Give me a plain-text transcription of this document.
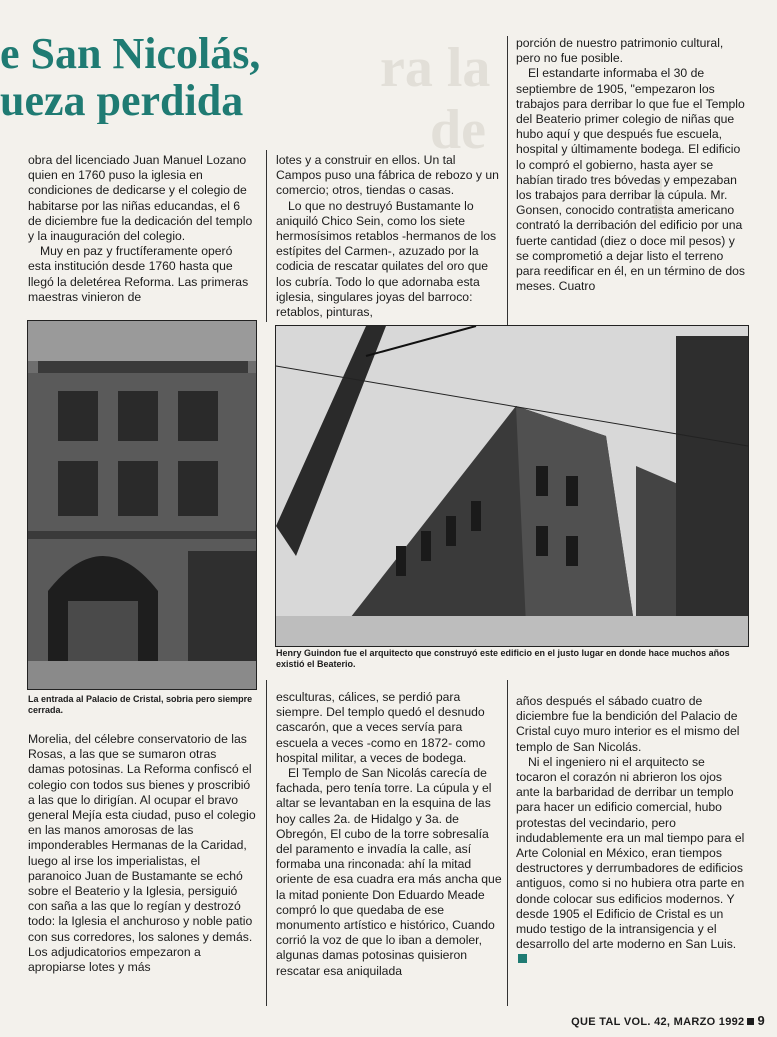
ra la
de
l
e San Nicolás,
ueza perdida

obra del licenciado Juan Manuel Lozano quien en 1760 puso la iglesia en condiciones de dedicarse y el colegio de habitarse por las niñas educandas, el 6 de diciembre fue la dedicación del templo y la inauguración del colegio.

Muy en paz y fructíferamente operó esta institución desde 1760 hasta que llegó la deletérea Reforma. Las primeras maestras vinieron de

lotes y a construir en ellos. Un tal Campos puso una fábrica de rebozo y un comercio; otros, tiendas o casas.

Lo que no destruyó Bustamante lo aniquiló Chico Sein, como los siete hermosísimos retablos -hermanos de los estípites del Carmen-, azuzado por la codicia de rescatar quilates del oro que los cubría. Todo lo que adornaba esta iglesia, singulares joyas del barroco: retablos, pinturas,

porción de nuestro patrimonio cultural, pero no fue posible.

El estandarte informaba el 30 de septiembre de 1905, "empezaron los trabajos para derribar lo que fue el Templo del Beaterio primer colegio de niñas que hubo aquí y que después fue escuela, hospital y últimamente bodega. El edificio lo compró el gobierno, hasta ayer se habían tirado tres bóvedas y empezaban los trabajos para derribar la cúpula. Mr. Gonsen, conocido contratista americano contrató la derribación del edificio por una fuerte cantidad (diez o doce mil pesos) y se comprometió a dejar listo el terreno para reedificar en él, en un término de dos meses. Cuatro

La entrada al Palacio de Cristal, sobria pero siempre cerrada.
Henry Guindon fue el arquitecto que construyó este edificio en el justo lugar en donde hace muchos años existió el Beaterio.

Morelia, del célebre conservatorio de las Rosas, a las que se sumaron otras damas potosinas. La Reforma confiscó el colegio con todos sus bienes y proscribió a las que lo dirigían. Al ocupar el bravo general Mejía esta ciudad, puso el colegio en las manos amorosas de las imponderables Hermanas de la Caridad, luego al irse los imperialistas, el paranoico Juan de Bustamante se echó sobre el Beaterio y la Iglesia, persiguió con saña a las que lo regían y destrozó todo: la Iglesia el anchuroso y noble patio con sus corredores, los salones y demás. Los adjudicatorios empezaron a apropiarse lotes y más

esculturas, cálices, se perdió para siempre. Del templo quedó el desnudo cascarón, que a veces servía para escuela a veces -como en 1872- como hospital militar, a veces de bodega.

El Templo de San Nicolás carecía de fachada, pero tenía torre. La cúpula y el altar se levantaban en la esquina de las hoy calles 2a. de Hidalgo y 3a. de Obregón, El cubo de la torre sobresalía del paramento e invadía la calle, así formaba una rinconada: ahí la mitad oriente de esa cuadra era más ancha que la mitad poniente Don Eduardo Meade compró lo que quedaba de ese monumento artístico e histórico, Cuando corrió la voz de que lo iban a demoler, algunas damas potosinas quisieron rescatar esa aniquilada

años después el sábado cuatro de diciembre fue la bendición del Palacio de Cristal cuyo muro interior es el mismo del templo de San Nicolás.

Ni el ingeniero ni el arquitecto se tocaron el corazón ni abrieron los ojos ante la barbaridad de derribar un templo para hacer un edificio comercial, hubo protestas del vecindario, pero indudablemente era un mal tiempo para el Arte Colonial en México, eran tiempos destructores y derrumbadores de edificios antiguos, como si no hubiera otra parte en donde colocar sus edificios modernos. Y desde 1905 el Edificio de Cristal es un mudo testigo de la intransigencia y el desarrollo del arte moderno en San Luis.

QUE TAL VOL. 42, MARZO 1992 9
